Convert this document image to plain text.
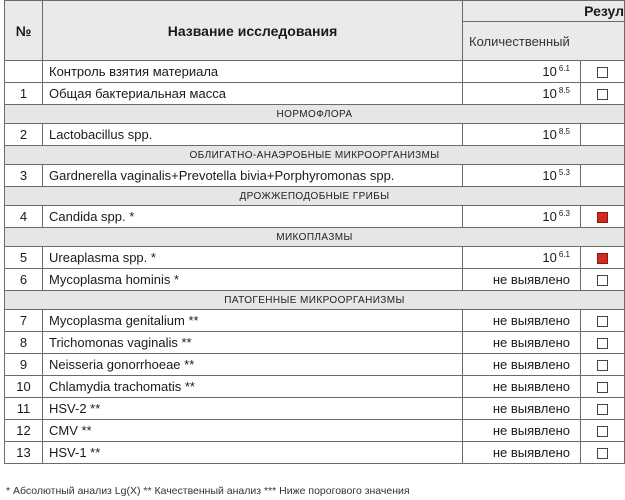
№	Название исследования	Резул	
		Количественный	
	Контроль взятия материала	10 $^{6.1}$	
1	Общая бактериальная масса	10 $^{8.5}$	
НОРМОФЛОРА			
2	Lactobacillus spp.	10 $^{8.5}$	
ОБЛИГАТНО-АНАЭРОБНЫЕ МИКРООРГАНИЗМЫ			
3	Gardnerella vaginalis+Prevotella bivia+Porphyromonas spp.	10 $^{5.3}$	
ДРОЖЖЕПОДОБНЫЕ ГРИБЫ			
4	Candida spp. *	10 $^{6.3}$	
МИКОПЛАЗМЫ			
5	Ureaplasma spp. *	10 $^{6.1}$	
6	Mycoplasma hominis *	не выявлено	
ПАТОГЕННЫЕ МИКРООРГАНИЗМЫ			
7	Mycoplasma genitalium **	не выявлено	
8	Trichomonas vaginalis **	не выявлено	
9	Neisseria gonorrhoeae **	не выявлено	
10	Chlamydia trachomatis **	не выявлено	
11	HSV-2 **	не выявлено	
12	CMV **	не выявлено	
13	HSV-1 **	не выявлено	
* Абсолютный анализ Lg(X) ** Качественный анализ *** Ниже порогового значения
